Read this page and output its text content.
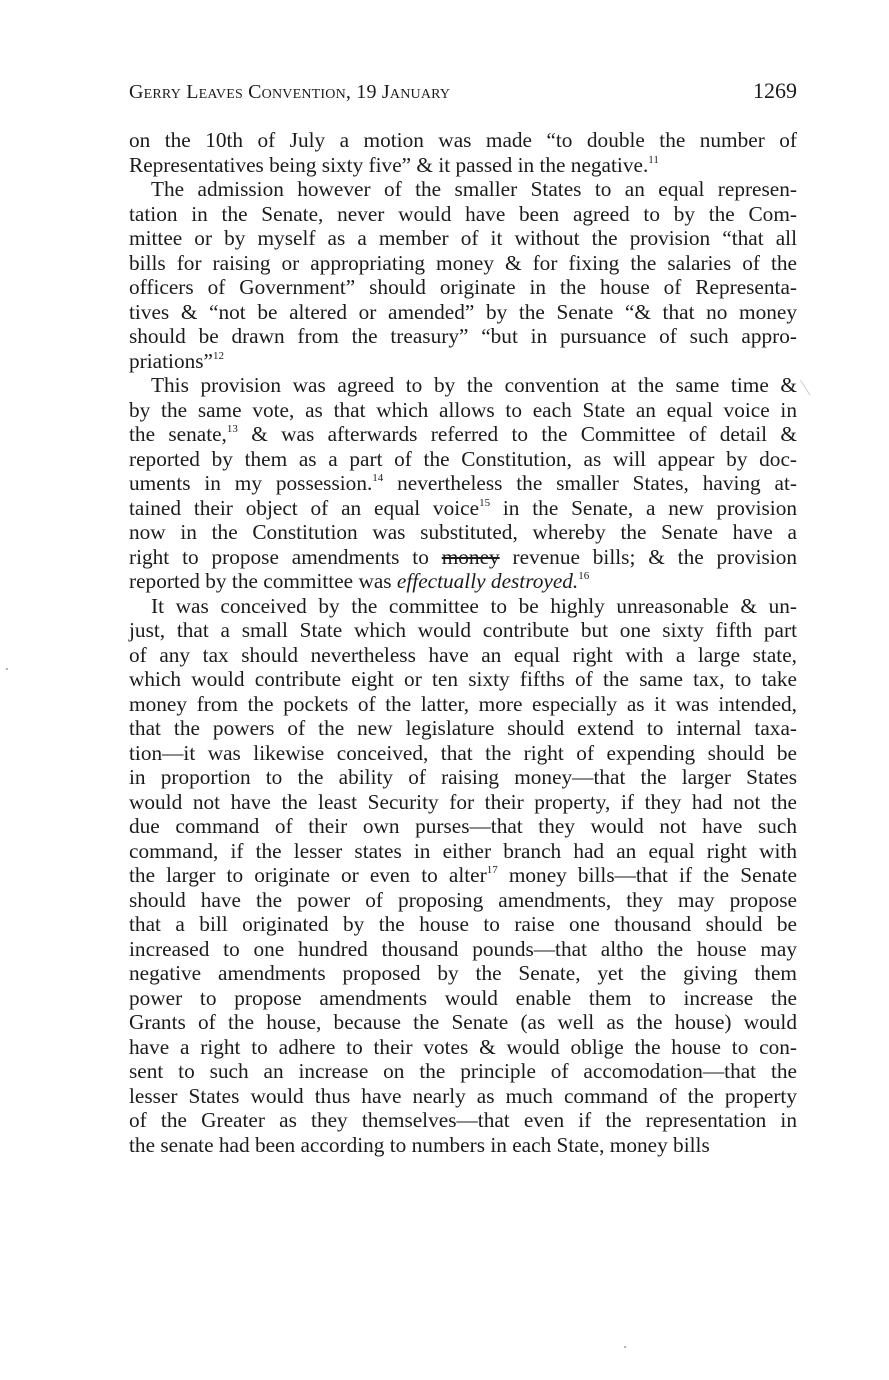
Gerry Leaves Convention, 19 January	1269
on the 10th of July a motion was made “to double the number of
Representatives being sixty five” & it passed in the negative.$^{11}$
The admission however of the smaller States to an equal represen-
tation in the Senate, never would have been agreed to by the Com-
mittee or by myself as a member of it without the provision “that all
bills for raising or appropriating money & for fixing the salaries of the
officers of Government” should originate in the house of Representa-
tives & “not be altered or amended” by the Senate “& that no money
should be drawn from the treasury” “but in pursuance of such appro-
priations”$^{12}$
This provision was agreed to by the convention at the same time &
by the same vote, as that which allows to each State an equal voice in
the senate,$^{13}$ & was afterwards referred to the Committee of detail &
reported by them as a part of the Constitution, as will appear by doc-
uments in my possession.$^{14}$ nevertheless the smaller States, having at-
tained their object of an equal voice$^{15}$ in the Senate, a new provision
now in the Constitution was substituted, whereby the Senate have a
right to propose amendments to money revenue bills; & the provision
reported by the committee was effectually destroyed.$^{16}$
It was conceived by the committee to be highly unreasonable & un-
just, that a small State which would contribute but one sixty fifth part
of any tax should nevertheless have an equal right with a large state,
which would contribute eight or ten sixty fifths of the same tax, to take
money from the pockets of the latter, more especially as it was intended,
that the powers of the new legislature should extend to internal taxa-
tion—it was likewise conceived, that the right of expending should be
in proportion to the ability of raising money—that the larger States
would not have the least Security for their property, if they had not the
due command of their own purses—that they would not have such
command, if the lesser states in either branch had an equal right with
the larger to originate or even to alter$^{17}$ money bills—that if the Senate
should have the power of proposing amendments, they may propose
that a bill originated by the house to raise one thousand should be
increased to one hundred thousand pounds—that altho the house may
negative amendments proposed by the Senate, yet the giving them
power to propose amendments would enable them to increase the
Grants of the house, because the Senate (as well as the house) would
have a right to adhere to their votes & would oblige the house to con-
sent to such an increase on the principle of accomodation—that the
lesser States would thus have nearly as much command of the property
of the Greater as they themselves—that even if the representation in
the senate had been according to numbers in each State, money bills
